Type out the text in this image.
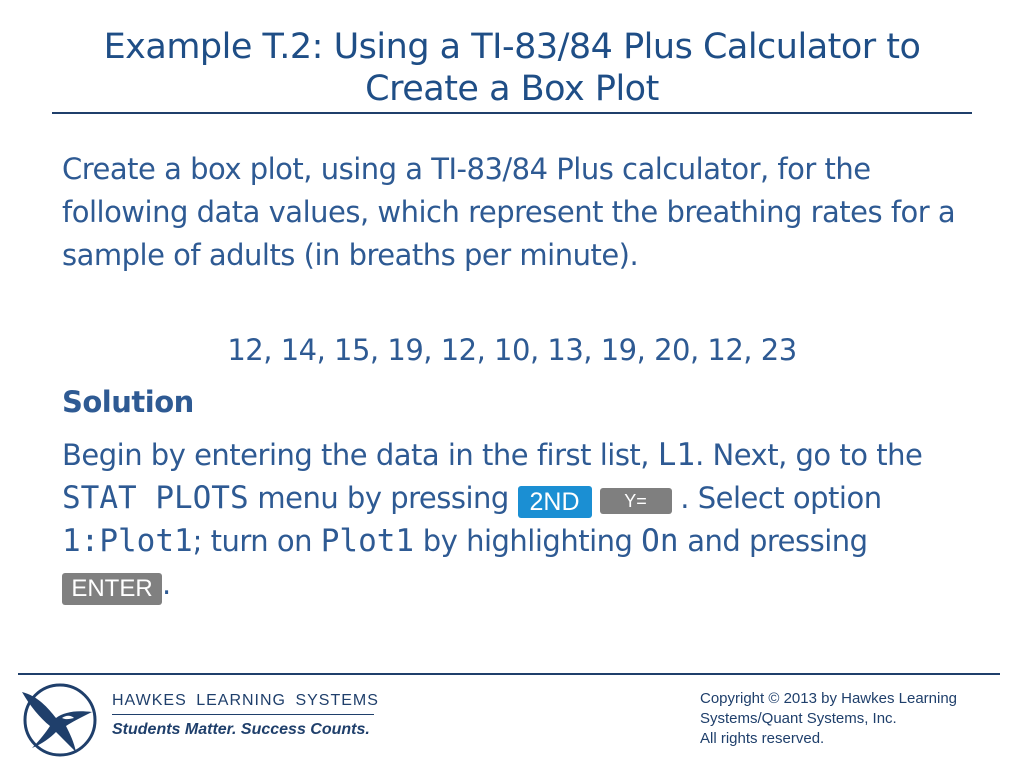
Example T.2: Using a TI-83/84 Plus Calculator to
Create a Box Plot
Create a box plot, using a TI-83/84 Plus calculator, for the following data values, which represent the breathing rates for a sample of adults (in breaths per minute).
12, 14, 15, 19, 12, 10, 13, 19, 20, 12, 23
Solution
Begin by entering the data in the first list, L1. Next, go to the STAT PLOTS menu by pressing 2ND Y= . Select option 1:Plot1; turn on Plot1 by highlighting On and pressing ENTER .
HAWKES LEARNING SYSTEMS
Students Matter. Success Counts.
Copyright © 2013 by Hawkes Learning
Systems/Quant Systems, Inc.
All rights reserved.
